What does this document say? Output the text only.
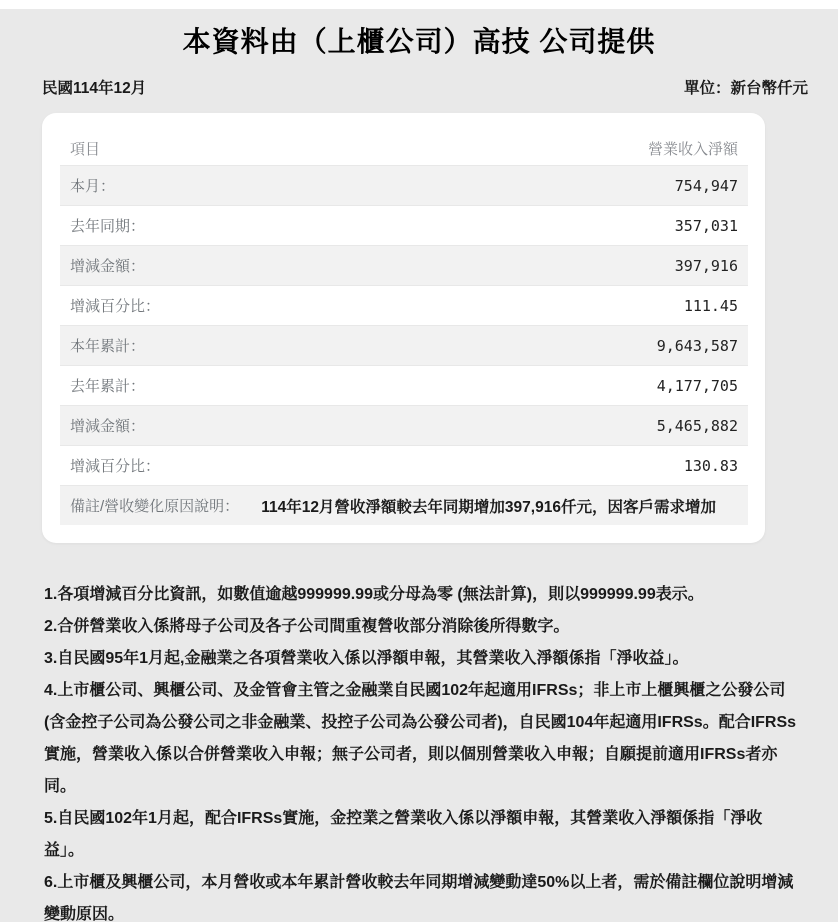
本資料由（上櫃公司）高技 公司提供
民國114年12月	單位：新台幣仟元
項目	營業收入淨額
本月：	754,947
去年同期：	357,031
增減金額：	397,916
增減百分比：	111.45
本年累計：	9,643,587
去年累計：	4,177,705
增減金額：	5,465,882
增減百分比：	130.83
備註/營收變化原因說明：	114年12月營收淨額較去年同期增加397,916仟元，因客戶需求增加
1.各項增減百分比資訊，如數值逾越999999.99或分母為零 (無法計算)，則以999999.99表示。
2.合併營業收入係將母子公司及各子公司間重複營收部分消除後所得數字。
3.自民國95年1月起,金融業之各項營業收入係以淨額申報，其營業收入淨額係指「淨收益」。
4.上市櫃公司、興櫃公司、及金管會主管之金融業自民國102年起適用IFRSs；非上市上櫃興櫃之公發公司
(含金控子公司為公發公司之非金融業、投控子公司為公發公司者)，自民國104年起適用IFRSs。配合IFRSs
實施，營業收入係以合併營業收入申報；無子公司者，則以個別營業收入申報；自願提前適用IFRSs者亦
同。
5.自民國102年1月起，配合IFRSs實施，金控業之營業收入係以淨額申報，其營業收入淨額係指「淨收
益」。
6.上市櫃及興櫃公司，本月營收或本年累計營收較去年同期增減變動達50%以上者，需於備註欄位說明增減
變動原因。
